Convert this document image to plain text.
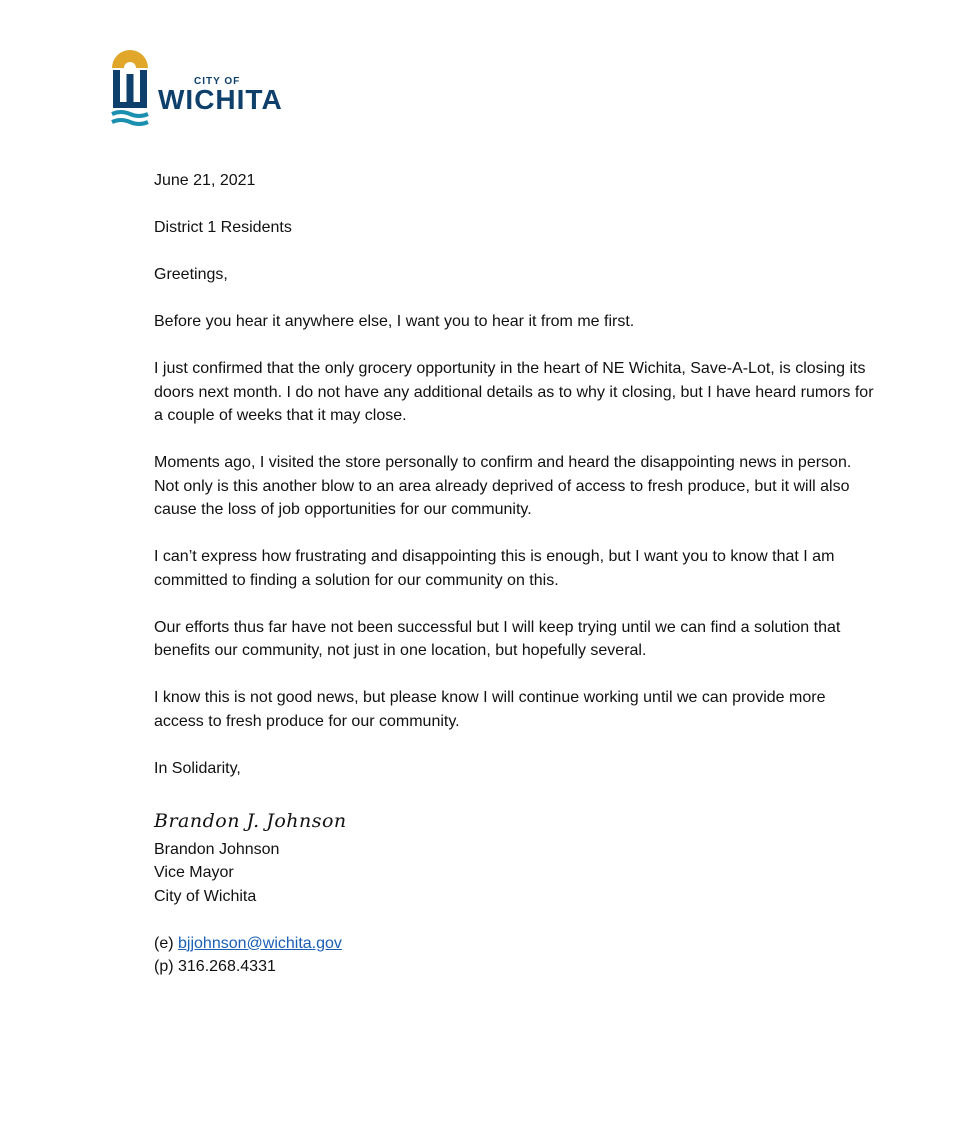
CITY OF
WICHITA

June 21, 2021

District 1 Residents

Greetings,

Before you hear it anywhere else, I want you to hear it from me first.

I just confirmed that the only grocery opportunity in the heart of NE Wichita, Save-A-Lot, is closing its doors next month. I do not have any additional details as to why it closing, but I have heard rumors for a couple of weeks that it may close.

Moments ago, I visited the store personally to confirm and heard the disappointing news in person. Not only is this another blow to an area already deprived of access to fresh produce, but it will also cause the loss of job opportunities for our community.

I can’t express how frustrating and disappointing this is enough, but I want you to know that I am committed to finding a solution for our community on this.

Our efforts thus far have not been successful but I will keep trying until we can find a solution that benefits our community, not just in one location, but hopefully several.

I know this is not good news, but please know I will continue working until we can provide more access to fresh produce for our community.

In Solidarity,

Brandon J. Johnson

Brandon Johnson

Vice Mayor

City of Wichita

(e) bjjohnson@wichita.gov

(p) 316.268.4331
